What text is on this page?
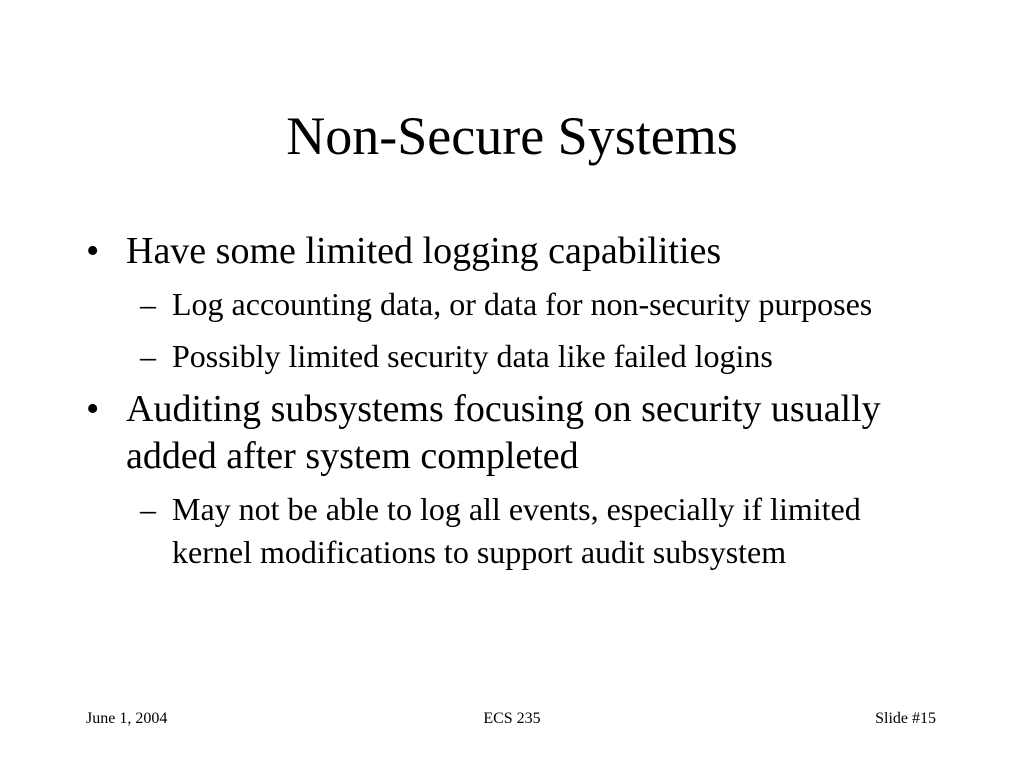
Non-Secure Systems
• Have some limited logging capabilities
– Log accounting data, or data for non-security purposes
– Possibly limited security data like failed logins
• Auditing subsystems focusing on security usually added after system completed
– May not be able to log all events, especially if limited kernel modifications to support audit subsystem
June 1, 2004	ECS 235	Slide #15
